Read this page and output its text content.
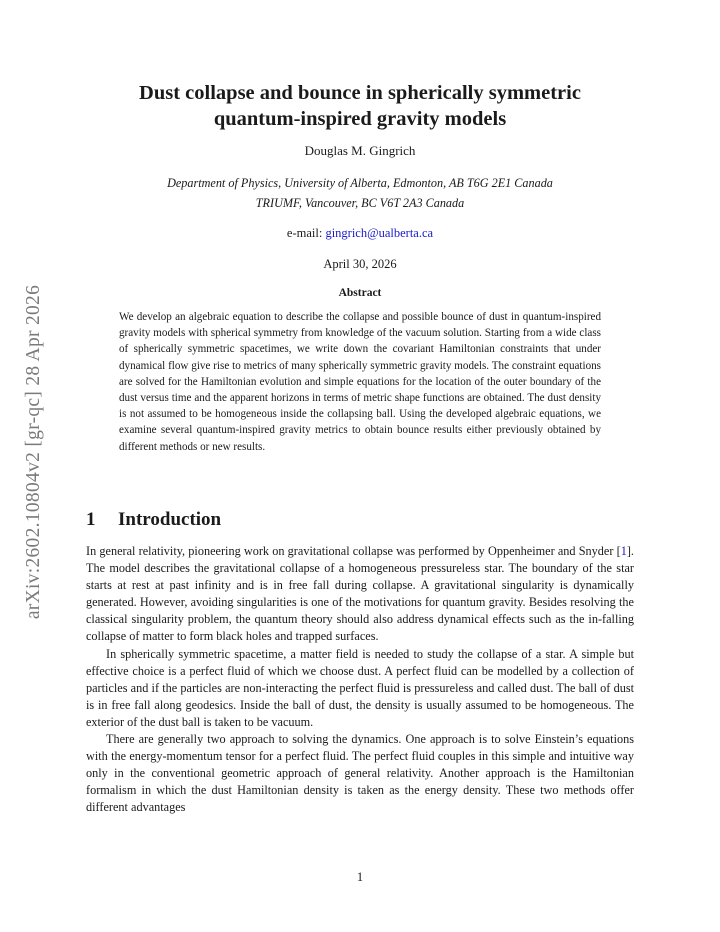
arXiv:2602.10804v2 [gr-qc] 28 Apr 2026
Dust collapse and bounce in spherically symmetric
quantum-inspired gravity models
Douglas M. Gingrich
Department of Physics, University of Alberta, Edmonton, AB T6G 2E1 Canada
TRIUMF, Vancouver, BC V6T 2A3 Canada
e-mail: gingrich@ualberta.ca
April 30, 2026
Abstract

We develop an algebraic equation to describe the collapse and possible bounce of dust in quantum-inspired gravity models with spherical symmetry from knowledge of the vacuum solution. Starting from a wide class of spherically symmetric spacetimes, we write down the covariant Hamiltonian constraints that under dynamical flow give rise to metrics of many spherically symmetric gravity models. The constraint equations are solved for the Hamiltonian evolution and simple equations for the location of the outer boundary of the dust versus time and the apparent horizons in terms of metric shape functions are obtained. The dust density is not assumed to be homogeneous inside the collapsing ball. Using the developed algebraic equations, we examine several quantum-inspired gravity metrics to obtain bounce results either previously obtained by different methods or new results.

1 Introduction

In general relativity, pioneering work on gravitational collapse was performed by Oppenheimer and Snyder [1]. The model describes the gravitational collapse of a homogeneous pressureless star. The boundary of the star starts at rest at past infinity and is in free fall during collapse. A gravitational singularity is dynamically generated. However, avoiding singularities is one of the motivations for quantum gravity. Besides resolving the classical singularity problem, the quantum theory should also address dynamical effects such as the in-falling collapse of matter to form black holes and trapped surfaces.

In spherically symmetric spacetime, a matter field is needed to study the collapse of a star. A simple but effective choice is a perfect fluid of which we choose dust. A perfect fluid can be modelled by a collection of particles and if the particles are non-interacting the perfect fluid is pressureless and called dust. The ball of dust is in free fall along geodesics. Inside the ball of dust, the density is usually assumed to be homogeneous. The exterior of the dust ball is taken to be vacuum.

There are generally two approach to solving the dynamics. One approach is to solve Einstein’s equations with the energy-momentum tensor for a perfect fluid. The perfect fluid couples in this simple and intuitive way only in the conventional geometric approach of general relativity. Another approach is the Hamiltonian formalism in which the dust Hamiltonian density is taken as the energy density. These two methods offer different advantages

1
